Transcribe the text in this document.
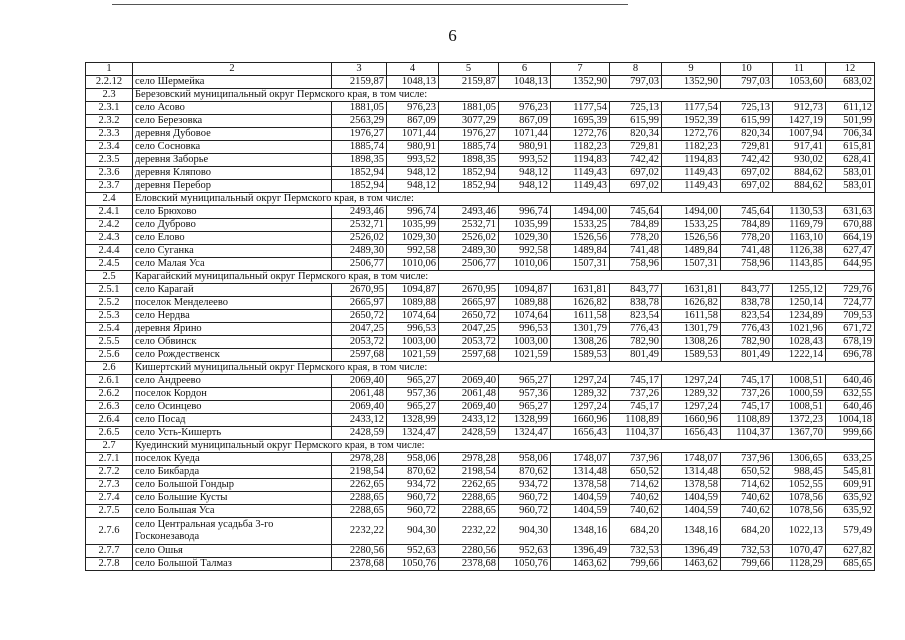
6
1	2	3	4	5	6	7	8	9	10	11	12
2.2.12	село Шермейка	2159,87	1048,13	2159,87	1048,13	1352,90	797,03	1352,90	797,03	1053,60	683,02
2.3	Березовский муниципальный округ Пермского края, в том числе:										
2.3.1	село Асово	1881,05	976,23	1881,05	976,23	1177,54	725,13	1177,54	725,13	912,73	611,12
2.3.2	село Березовка	2563,29	867,09	3077,29	867,09	1695,39	615,99	1952,39	615,99	1427,19	501,99
2.3.3	деревня Дубовое	1976,27	1071,44	1976,27	1071,44	1272,76	820,34	1272,76	820,34	1007,94	706,34
2.3.4	село Сосновка	1885,74	980,91	1885,74	980,91	1182,23	729,81	1182,23	729,81	917,41	615,81
2.3.5	деревня Заборье	1898,35	993,52	1898,35	993,52	1194,83	742,42	1194,83	742,42	930,02	628,41
2.3.6	деревня Кляпово	1852,94	948,12	1852,94	948,12	1149,43	697,02	1149,43	697,02	884,62	583,01
2.3.7	деревня Перебор	1852,94	948,12	1852,94	948,12	1149,43	697,02	1149,43	697,02	884,62	583,01
2.4	Еловский муниципальный округ Пермского края, в том числе:										
2.4.1	село Брюхово	2493,46	996,74	2493,46	996,74	1494,00	745,64	1494,00	745,64	1130,53	631,63
2.4.2	село Дуброво	2532,71	1035,99	2532,71	1035,99	1533,25	784,89	1533,25	784,89	1169,79	670,88
2.4.3	село Елово	2526,02	1029,30	2526,02	1029,30	1526,56	778,20	1526,56	778,20	1163,10	664,19
2.4.4	село Суганка	2489,30	992,58	2489,30	992,58	1489,84	741,48	1489,84	741,48	1126,38	627,47
2.4.5	село Малая Уса	2506,77	1010,06	2506,77	1010,06	1507,31	758,96	1507,31	758,96	1143,85	644,95
2.5	Карагайский муниципальный округ Пермского края, в том числе:										
2.5.1	село Карагай	2670,95	1094,87	2670,95	1094,87	1631,81	843,77	1631,81	843,77	1255,12	729,76
2.5.2	поселок Менделеево	2665,97	1089,88	2665,97	1089,88	1626,82	838,78	1626,82	838,78	1250,14	724,77
2.5.3	село Нердва	2650,72	1074,64	2650,72	1074,64	1611,58	823,54	1611,58	823,54	1234,89	709,53
2.5.4	деревня Ярино	2047,25	996,53	2047,25	996,53	1301,79	776,43	1301,79	776,43	1021,96	671,72
2.5.5	село Обвинск	2053,72	1003,00	2053,72	1003,00	1308,26	782,90	1308,26	782,90	1028,43	678,19
2.5.6	село Рождественск	2597,68	1021,59	2597,68	1021,59	1589,53	801,49	1589,53	801,49	1222,14	696,78
2.6	Кишертский муниципальный округ Пермского края, в том числе:										
2.6.1	село Андреево	2069,40	965,27	2069,40	965,27	1297,24	745,17	1297,24	745,17	1008,51	640,46
2.6.2	поселок Кордон	2061,48	957,36	2061,48	957,36	1289,32	737,26	1289,32	737,26	1000,59	632,55
2.6.3	село Осинцево	2069,40	965,27	2069,40	965,27	1297,24	745,17	1297,24	745,17	1008,51	640,46
2.6.4	село Посад	2433,12	1328,99	2433,12	1328,99	1660,96	1108,89	1660,96	1108,89	1372,23	1004,18
2.6.5	село Усть-Кишерть	2428,59	1324,47	2428,59	1324,47	1656,43	1104,37	1656,43	1104,37	1367,70	999,66
2.7	Куединский муниципальный округ Пермского края, в том числе:										
2.7.1	поселок Куеда	2978,28	958,06	2978,28	958,06	1748,07	737,96	1748,07	737,96	1306,65	633,25
2.7.2	село Бикбарда	2198,54	870,62	2198,54	870,62	1314,48	650,52	1314,48	650,52	988,45	545,81
2.7.3	село Большой Гондыр	2262,65	934,72	2262,65	934,72	1378,58	714,62	1378,58	714,62	1052,55	609,91
2.7.4	село Большие Кусты	2288,65	960,72	2288,65	960,72	1404,59	740,62	1404,59	740,62	1078,56	635,92
2.7.5	село Большая Уса	2288,65	960,72	2288,65	960,72	1404,59	740,62	1404,59	740,62	1078,56	635,92
2.7.6	село Центральная усадьба 3-го Госконезавода	2232,22	904,30	2232,22	904,30	1348,16	684,20	1348,16	684,20	1022,13	579,49
2.7.7	село Ошья	2280,56	952,63	2280,56	952,63	1396,49	732,53	1396,49	732,53	1070,47	627,82
2.7.8	село Большой Талмаз	2378,68	1050,76	2378,68	1050,76	1463,62	799,66	1463,62	799,66	1128,29	685,65
